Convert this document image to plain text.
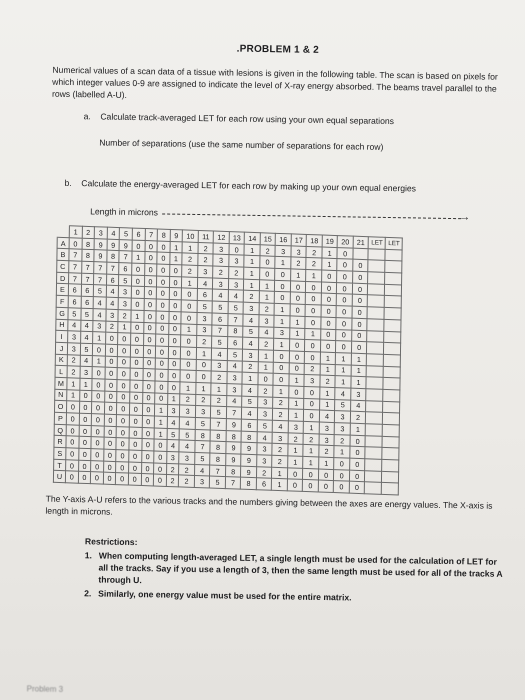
.PROBLEM 1 & 2

Numerical values of a scan data of a tissue with lesions is given in the following table. The scan is based on pixels for which integer values 0-9 are assigned to indicate the level of X-ray energy absorbed. The beams travel parallel to the rows (labelled A-U).

a. Calculate track-averaged LET for each row using your own equal separations
Number of separations (use the same number of separations for each row)
b. Calculate the energy-averaged LET for each row by making up your own equal energies
Length in microns	→
	1	2	3	4	5	6	7	8	9	10	11	12	13	14	15	16	17	18	19	20	21	LET	LET
A	0	8	9	9	9	0	0	0	1	1	2	3	0	1	2	3	3	2	1	0			
B	7	8	9	8	7	1	0	0	1	2	2	3	3	1	0	1	2	2	1	0	0		
C	7	7	7	7	6	0	0	0	0	2	3	2	2	1	0	0	1	1	0	0	0		
D	7	7	7	6	5	0	0	0	0	1	4	3	3	1	1	0	0	0	0	0	0		
E	6	6	5	4	3	0	0	0	0	0	6	4	4	2	1	0	0	0	0	0	0		
F	6	6	4	4	3	0	0	0	0	0	5	5	5	3	2	1	0	0	0	0	0		
G	5	5	4	3	2	1	0	0	0	0	3	6	7	4	3	1	1	0	0	0	0		
H	4	4	3	2	1	0	0	0	0	1	3	7	8	5	4	3	1	1	0	0	0		
I	3	4	1	0	0	0	0	0	0	0	2	5	6	4	2	1	0	0	0	0	0		
J	3	5	0	0	0	0	0	0	0	0	1	4	5	3	1	0	0	0	1	1	1		
K	2	4	1	0	0	0	0	0	0	0	0	3	4	2	1	0	0	2	1	1	1		
L	2	3	0	0	0	0	0	0	0	0	0	2	3	1	0	0	1	3	2	1	1		
M	1	1	0	0	0	0	0	0	0	1	1	1	3	4	2	1	0	0	1	4	3		
N	1	0	0	0	0	0	0	0	1	2	2	2	4	5	3	2	1	0	1	5	4		
O	0	0	0	0	0	0	0	1	3	3	3	5	7	4	3	2	1	0	4	3	2		
P	0	0	0	0	0	0	0	1	4	4	5	7	9	6	5	4	3	1	3	3	1		
Q	0	0	0	0	0	0	0	1	5	5	8	8	8	8	4	3	2	2	3	2	0		
R	0	0	0	0	0	0	0	0	4	4	7	8	9	9	3	2	1	1	2	1	0		
S	0	0	0	0	0	0	0	0	3	3	5	8	9	9	3	2	1	1	1	0	0		
T	0	0	0	0	0	0	0	0	2	2	4	7	8	9	2	1	0	0	0	0	0		
U	0	0	0	0	0	0	0	0	2	2	3	5	7	8	6	1	0	0	0	0	0		

The Y-axis A-U refers to the various tracks and the numbers giving between the axes are energy values. The X-axis is length in microns.

Restrictions:
1. When computing length-averaged LET, a single length must be used for the calculation of LET for all the tracks. Say if you use a length of 3, then the same length must be used for all of the tracks A through U.
2. Similarly, one energy value must be used for the entire matrix.
Problem 3
